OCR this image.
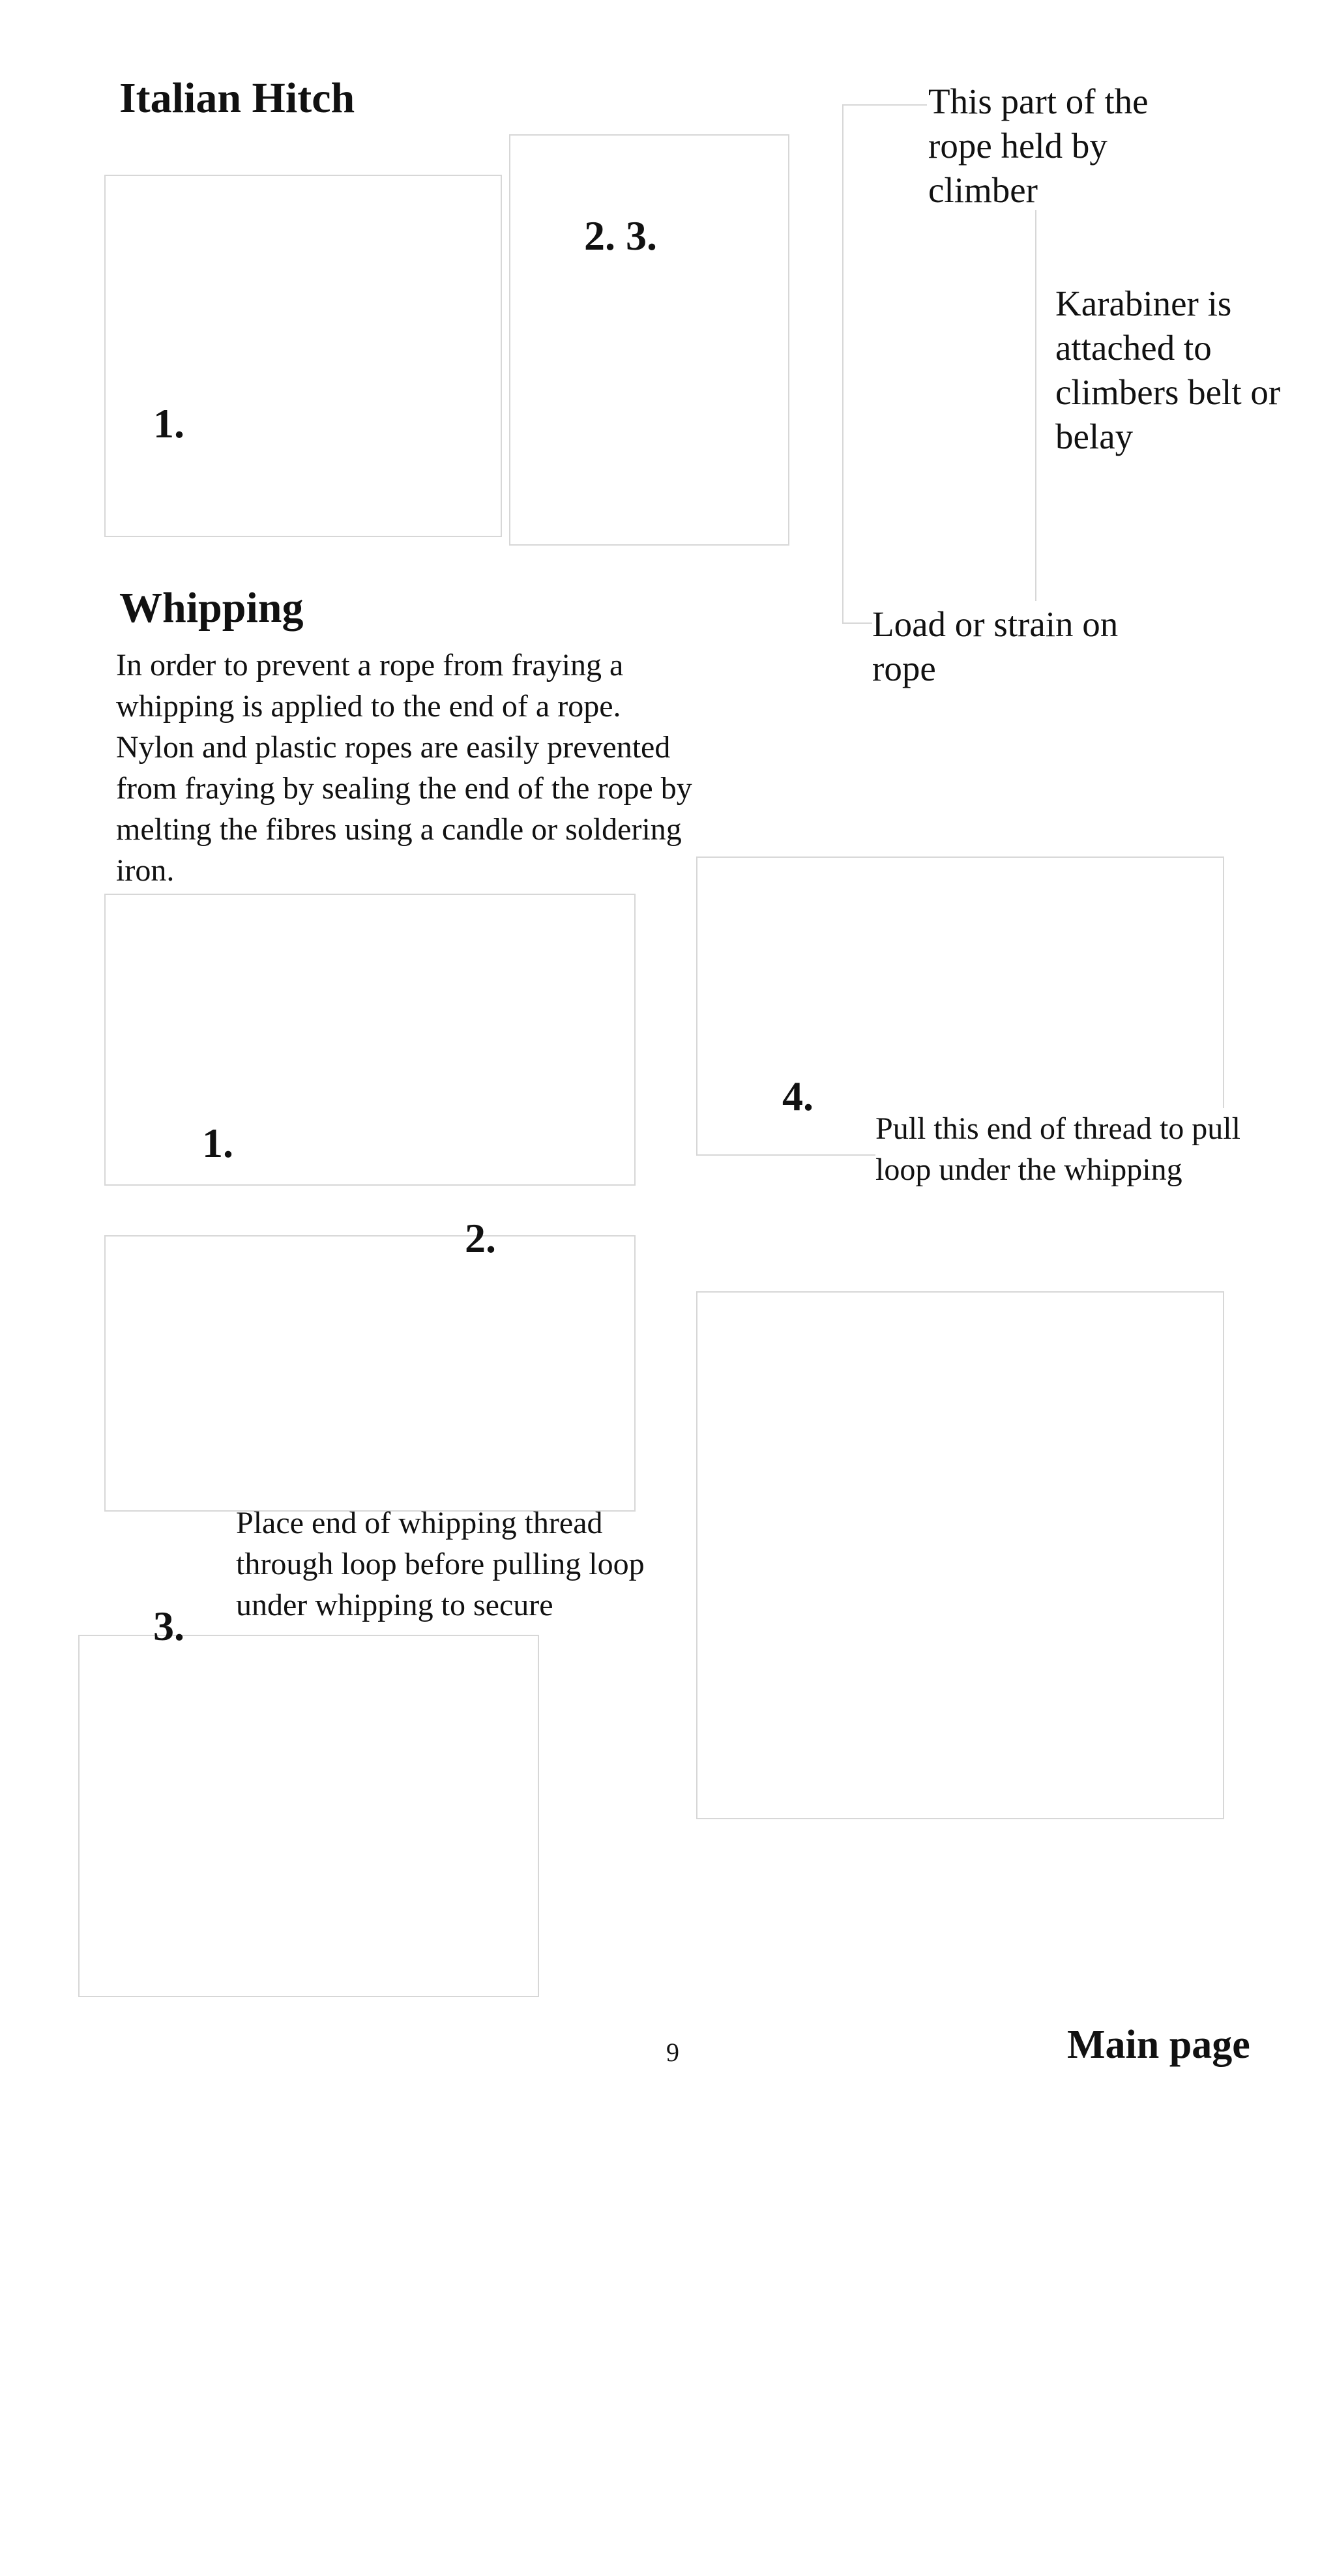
Italian Hitch
1.
2. 3.
This part of the rope held by climber
Karabiner is attached to climbers belt or belay
Load or strain on rope
Whipping
In order to prevent a rope from fraying a whipping is applied to the end of a rope. Nylon and plastic ropes are easily prevented from fraying by sealing the end of the rope by melting the fibres using a candle or soldering iron.
1.
2.
Place end of whipping thread through loop before pulling loop under whipping to secure
3.
4.
Pull this end of thread to pull loop under the whipping
9	Main page
